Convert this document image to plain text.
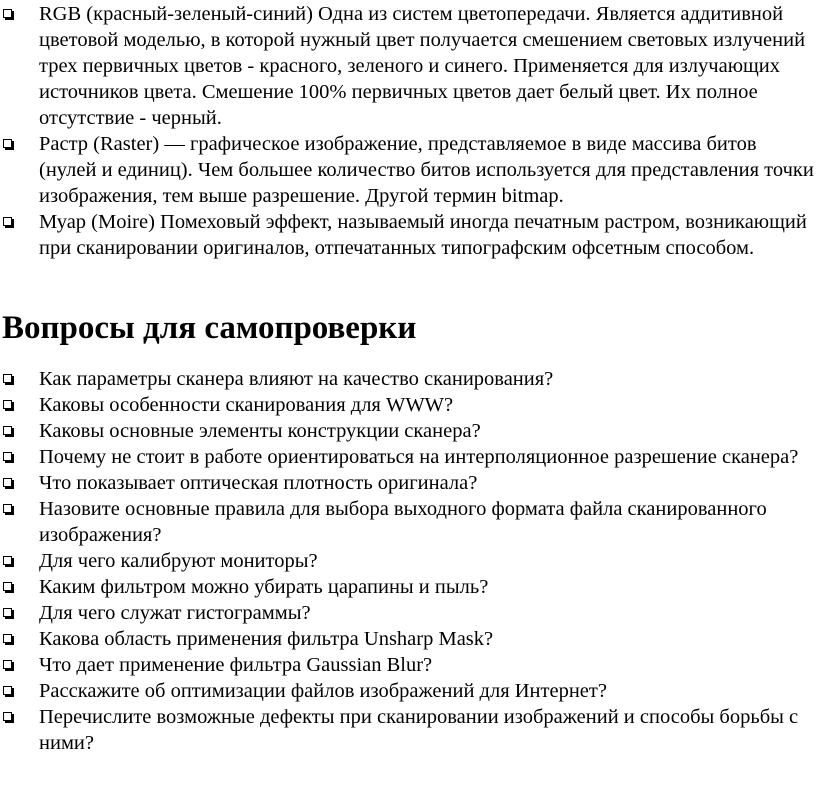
RGB (красный-зеленый-синий) Одна из систем цветопередачи. Является аддитивной цветовой моделью, в которой нужный цвет получается смешением световых излучений трех первичных цветов - красного, зеленого и синего. Применяется для излучающих источников цвета. Смешение 100% первичных цветов дает белый цвет. Их полное отсутствие - черный.
Растр (Raster) — графическое изображение, представляемое в виде массива битов (нулей и единиц). Чем большее количество битов используется для представления точки изображения, тем выше разрешение. Другой термин bitmap.
Муар (Moire) Помеховый эффект, называемый иногда печатным растром, возникающий при сканировании оригиналов, отпечатанных типографским офсетным способом.
Вопросы для самопроверки
Как параметры сканера влияют на качество сканирования?
Каковы особенности сканирования для WWW?
Каковы основные элементы конструкции сканера?
Почему не стоит в работе ориентироваться на интерполяционное разрешение сканера?
Что показывает оптическая плотность оригинала?
Назовите основные правила для выбора выходного формата файла сканированного изображения?
Для чего калибруют мониторы?
Каким фильтром можно убирать царапины и пыль?
Для чего служат гистограммы?
Какова область применения фильтра Unsharp Mask?
Что дает применение фильтра Gaussian Blur?
Расскажите об оптимизации файлов изображений для Интернет?
Перечислите возможные дефекты при сканировании изображений и способы борьбы с ними?
